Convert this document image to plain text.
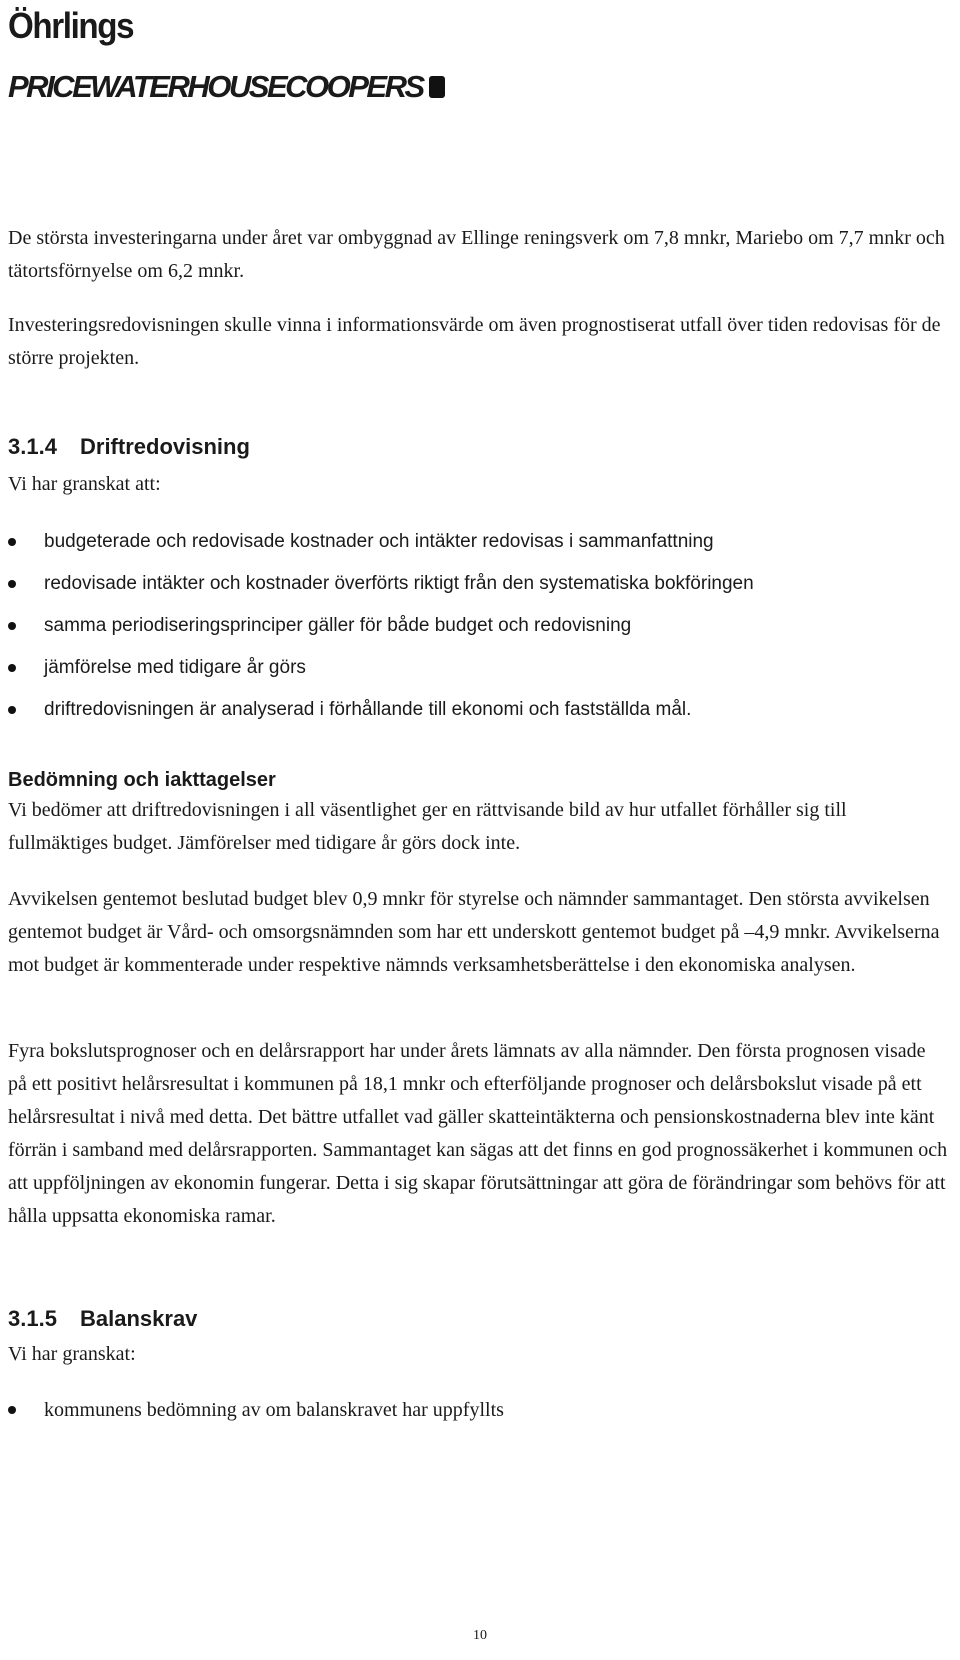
Öhrlings
PRICEWATERHOUSECOOPERS

De största investeringarna under året var ombyggnad av Ellinge reningsverk om 7,8 mnkr, Mariebo om 7,7 mnkr och tätortsförnyelse om 6,2 mnkr.

Investeringsredovisningen skulle vinna i informationsvärde om även prognostiserat utfall över tiden redovisas för de större projekten.

3.1.4 Driftredovisning

Vi har granskat att:

budgeterade och redovisade kostnader och intäkter redovisas i sammanfattning
redovisade intäkter och kostnader överförts riktigt från den systematiska bokföringen
samma periodiseringsprinciper gäller för både budget och redovisning
jämförelse med tidigare år görs
driftredovisningen är analyserad i förhållande till ekonomi och fastställda mål.
Bedömning och iakttagelser

Vi bedömer att driftredovisningen i all väsentlighet ger en rättvisande bild av hur utfallet förhåller sig till fullmäktiges budget. Jämförelser med tidigare år görs dock inte.

Avvikelsen gentemot beslutad budget blev 0,9 mnkr för styrelse och nämnder sammantaget. Den största avvikelsen gentemot budget är Vård- och omsorgsnämnden som har ett underskott gentemot budget på –4,9 mnkr. Avvikelserna mot budget är kommenterade under respektive nämnds verksamhetsberättelse i den ekonomiska analysen.

Fyra bokslutsprognoser och en delårsrapport har under årets lämnats av alla nämnder. Den första prognosen visade på ett positivt helårsresultat i kommunen på 18,1 mnkr och efterföljande prognoser och delårsbokslut visade på ett helårsresultat i nivå med detta. Det bättre utfallet vad gäller skatteintäkterna och pensionskostnaderna blev inte känt förrän i samband med delårsrapporten. Sammantaget kan sägas att det finns en god prognossäkerhet i kommunen och att uppföljningen av ekonomin fungerar. Detta i sig skapar förutsättningar att göra de förändringar som behövs för att hålla uppsatta ekonomiska ramar.

3.1.5 Balanskrav

Vi har granskat:

kommunens bedömning av om balanskravet har uppfyllts
10
